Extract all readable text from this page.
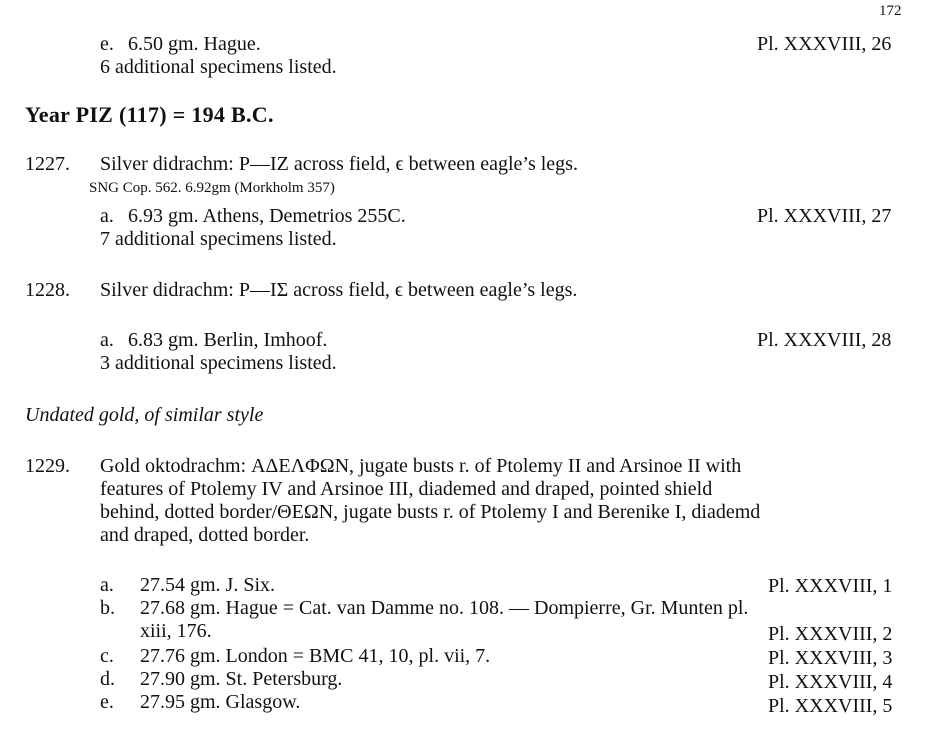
172
e. 6.50 gm. Hague.	Pl. XXXVIII, 26
6 additional specimens listed.
Year PIZ (117) = 194 B.C.
1227. Silver didrachm: P—IZ across field, ϵ between eagle’s legs.
SNG Cop. 562. 6.92gm (Morkholm 357)
a. 6.93 gm. Athens, Demetrios 255C.	Pl. XXXVIII, 27
7 additional specimens listed.
1228. Silver didrachm: P—IΣ across field, ϵ between eagle’s legs.
a. 6.83 gm. Berlin, Imhoof.	Pl. XXXVIII, 28
3 additional specimens listed.
Undated gold, of similar style
1229. Gold oktodrachm: ΑΔΕΛΦΩΝ, jugate busts r. of Ptolemy II and Arsinoe II with
features of Ptolemy IV and Arsinoe III, diademed and draped, pointed shield
behind, dotted border/ΘΕΩΝ, jugate busts r. of Ptolemy I and Berenike I, diademd
and draped, dotted border.
a. 27.54 gm. J. Six.	Pl. XXXVIII, 1
b. 27.68 gm. Hague = Cat. van Damme no. 108. — Dompierre, Gr. Munten pl.
xiii, 176.	Pl. XXXVIII, 2
c. 27.76 gm. London = BMC 41, 10, pl. vii, 7.	Pl. XXXVIII, 3
d. 27.90 gm. St. Petersburg.	Pl. XXXVIII, 4
e. 27.95 gm. Glasgow.	Pl. XXXVIII, 5
